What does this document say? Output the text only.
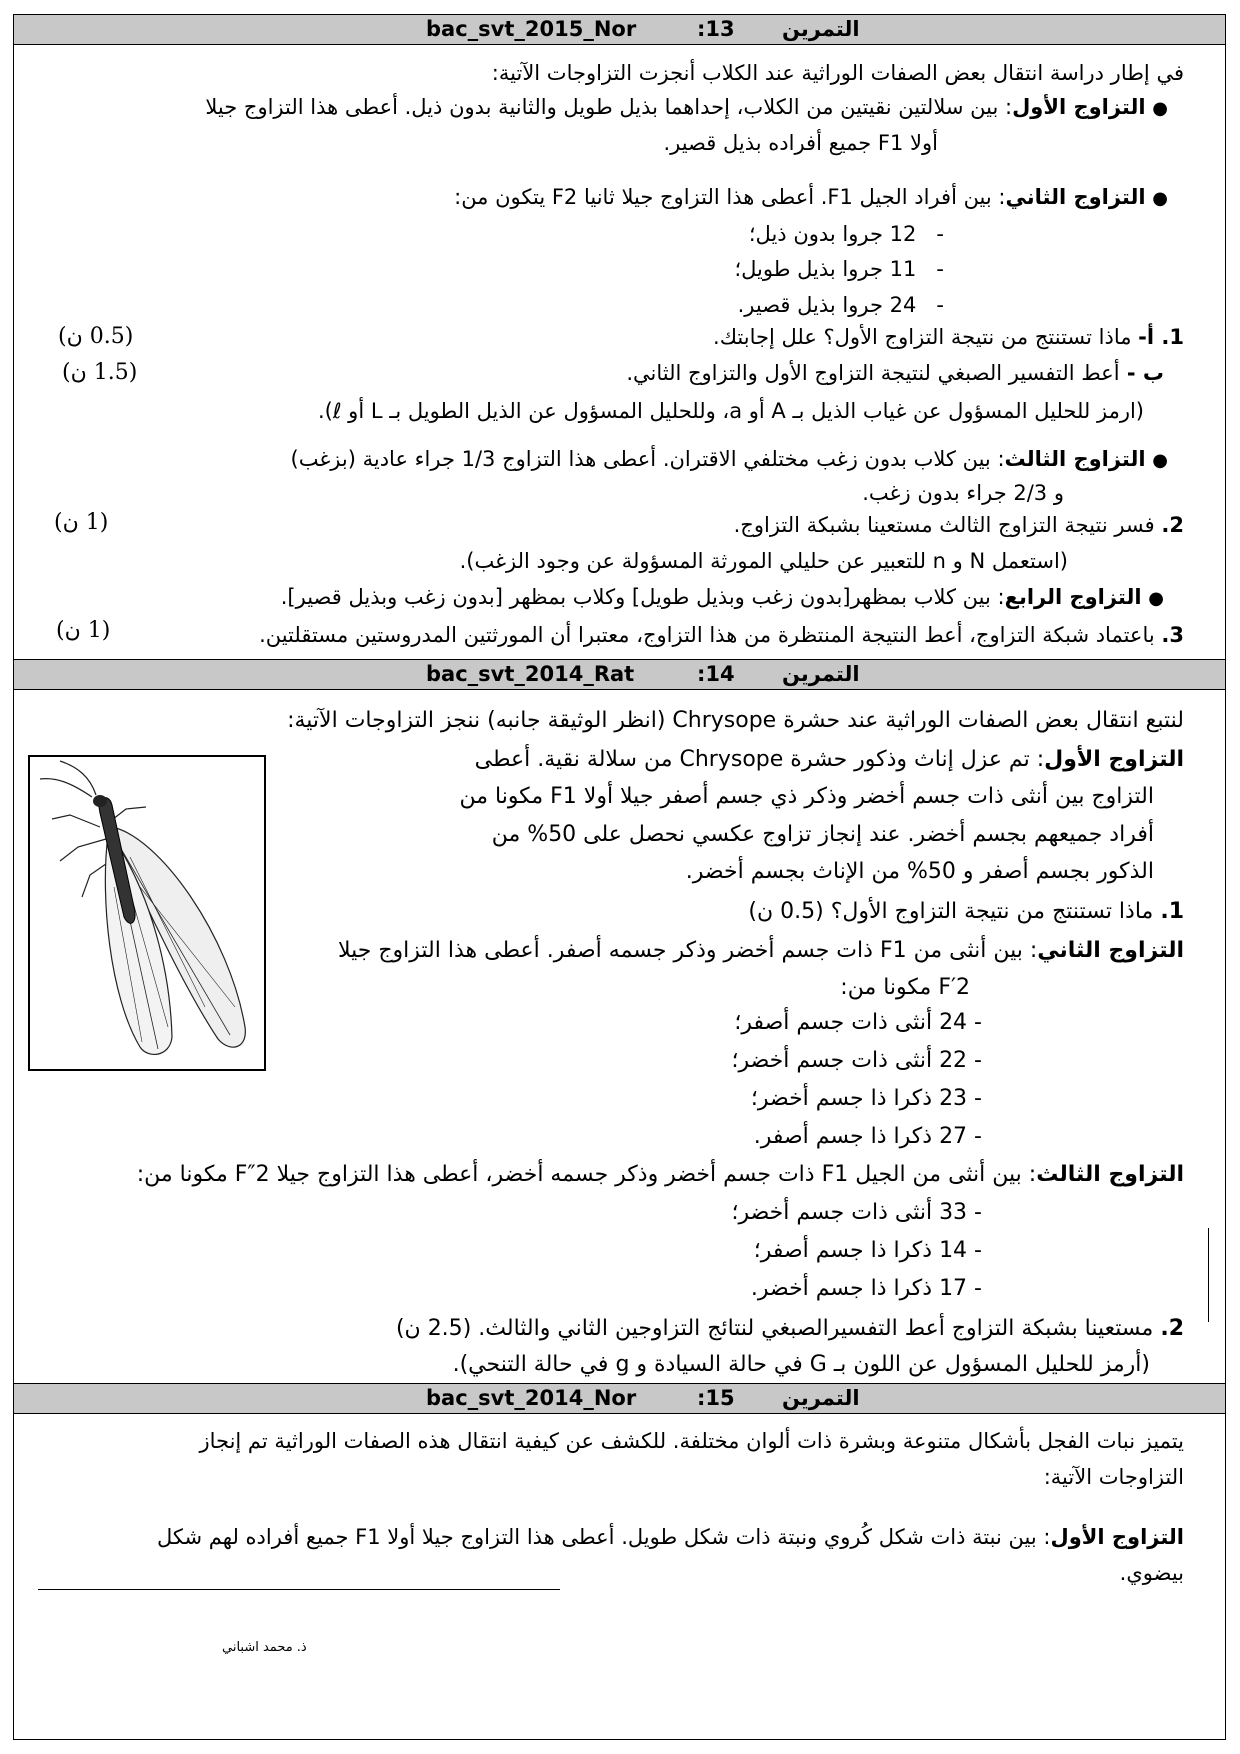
bac_svt_2015_Nor	:13 التمرين
في إطار دراسة انتقال بعض الصفات الوراثية عند الكلاب أنجزت التزاوجات الآتية:
● التزاوج الأول: بين سلالتين نقيتين من الكلاب، إحداهما بذيل طويل والثانية بدون ذيل. أعطى هذا التزاوج جيلا
أولا F1 جميع أفراده بذيل قصير.
● التزاوج الثاني: بين أفراد الجيل F1. أعطى هذا التزاوج جيلا ثانيا F2 يتكون من:
-   12 جروا بدون ذيل؛
-   11 جروا بذيل طويل؛
-   24 جروا بذيل قصير.
1. أ- ماذا تستنتج من نتيجة التزاوج الأول؟ علل إجابتك.
(0.5 ن)
ب - أعط التفسير الصبغي لنتيجة التزاوج الأول والتزاوج الثاني.
(1.5 ن)
(ارمز للحليل المسؤول عن غياب الذيل بـ A أو a، وللحليل المسؤول عن الذيل الطويل بـ L أو ℓ).
● التزاوج الثالث: بين كلاب بدون زغب مختلفي الاقتران. أعطى هذا التزاوج 1/3 جراء عادية (بزغب)
و 2/3 جراء بدون زغب.
2. فسر نتيجة التزاوج الثالث مستعينا بشبكة التزاوج.
(1 ن)
(استعمل N و n للتعبير عن حليلي المورثة المسؤولة عن وجود الزغب).
● التزاوج الرابع: بين كلاب بمظهر[بدون زغب وبذيل طويل] وكلاب بمظهر [بدون زغب وبذيل قصير].
3. باعتماد شبكة التزاوج، أعط النتيجة المنتظرة من هذا التزاوج، معتبرا أن المورثتين المدروستين مستقلتين.
(1 ن)
bac_svt_2014_Rat	:14 التمرين
لنتبع انتقال بعض الصفات الوراثية عند حشرة Chrysope (انظر الوثيقة جانبه) ننجز التزاوجات الآتية:
التزاوج الأول: تم عزل إناث وذكور حشرة Chrysope من سلالة نقية. أعطى
التزاوج بين أنثى ذات جسم أخضر وذكر ذي جسم أصفر جيلا أولا F1 مكونا من
أفراد جميعهم بجسم أخضر. عند إنجاز تزاوج عكسي نحصل على 50% من
الذكور بجسم أصفر و 50% من الإناث بجسم أخضر.
1. ماذا تستنتج من نتيجة التزاوج الأول؟ (0.5 ن)
التزاوج الثاني: بين أنثى من F1 ذات جسم أخضر وذكر جسمه أصفر. أعطى هذا التزاوج جيلا
F′2 مكونا من:
- 24 أنثى ذات جسم أصفر؛
- 22 أنثى ذات جسم أخضر؛
- 23 ذكرا ذا جسم أخضر؛
- 27 ذكرا ذا جسم أصفر.
التزاوج الثالث: بين أنثى من الجيل F1 ذات جسم أخضر وذكر جسمه أخضر، أعطى هذا التزاوج جيلا F″2 مكونا من:
- 33 أنثى ذات جسم أخضر؛
- 14 ذكرا ذا جسم أصفر؛
- 17 ذكرا ذا جسم أخضر.
2. مستعينا بشبكة التزاوج أعط التفسيرالصبغي لنتائج التزاوجين الثاني والثالث. (2.5 ن)
(أرمز للحليل المسؤول عن اللون بـ G في حالة السيادة و g في حالة التنحي).
bac_svt_2014_Nor	:15 التمرين
يتميز نبات الفجل بأشكال متنوعة وبشرة ذات ألوان مختلفة. للكشف عن كيفية انتقال هذه الصفات الوراثية تم إنجاز
التزاوجات الآتية:
التزاوج الأول: بين نبتة ذات شكل كُروي ونبتة ذات شكل طويل. أعطى هذا التزاوج جيلا أولا F1 جميع أفراده لهم شكل
بيضوي.
ذ. محمد اشباني
